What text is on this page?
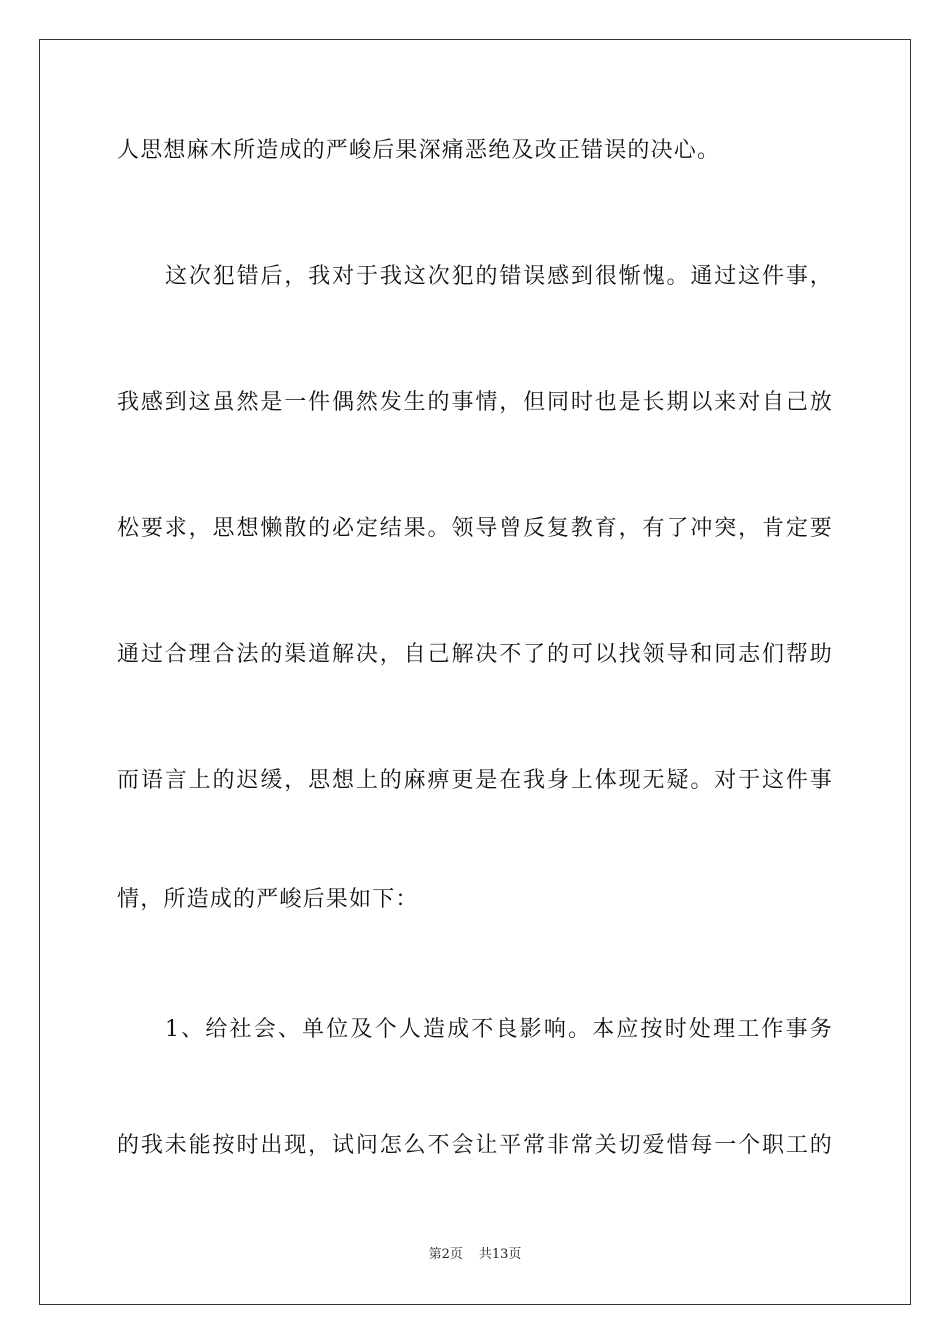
人思想麻木所造成的严峻后果深痛恶绝及改正错误的决心。
这次犯错后，我对于我这次犯的错误感到很惭愧。通过这件事，
我感到这虽然是一件偶然发生的事情，但同时也是长期以来对自己放
松要求，思想懒散的必定结果。领导曾反复教育，有了冲突，肯定要
通过合理合法的渠道解决，自己解决不了的可以找领导和同志们帮助
而语言上的迟缓，思想上的麻痹更是在我身上体现无疑。对于这件事
情，所造成的严峻后果如下：
1、给社会、单位及个人造成不良影响。本应按时处理工作事务
的我未能按时出现，试问怎么不会让平常非常关切爱惜每一个职工的
第2页 共13页
